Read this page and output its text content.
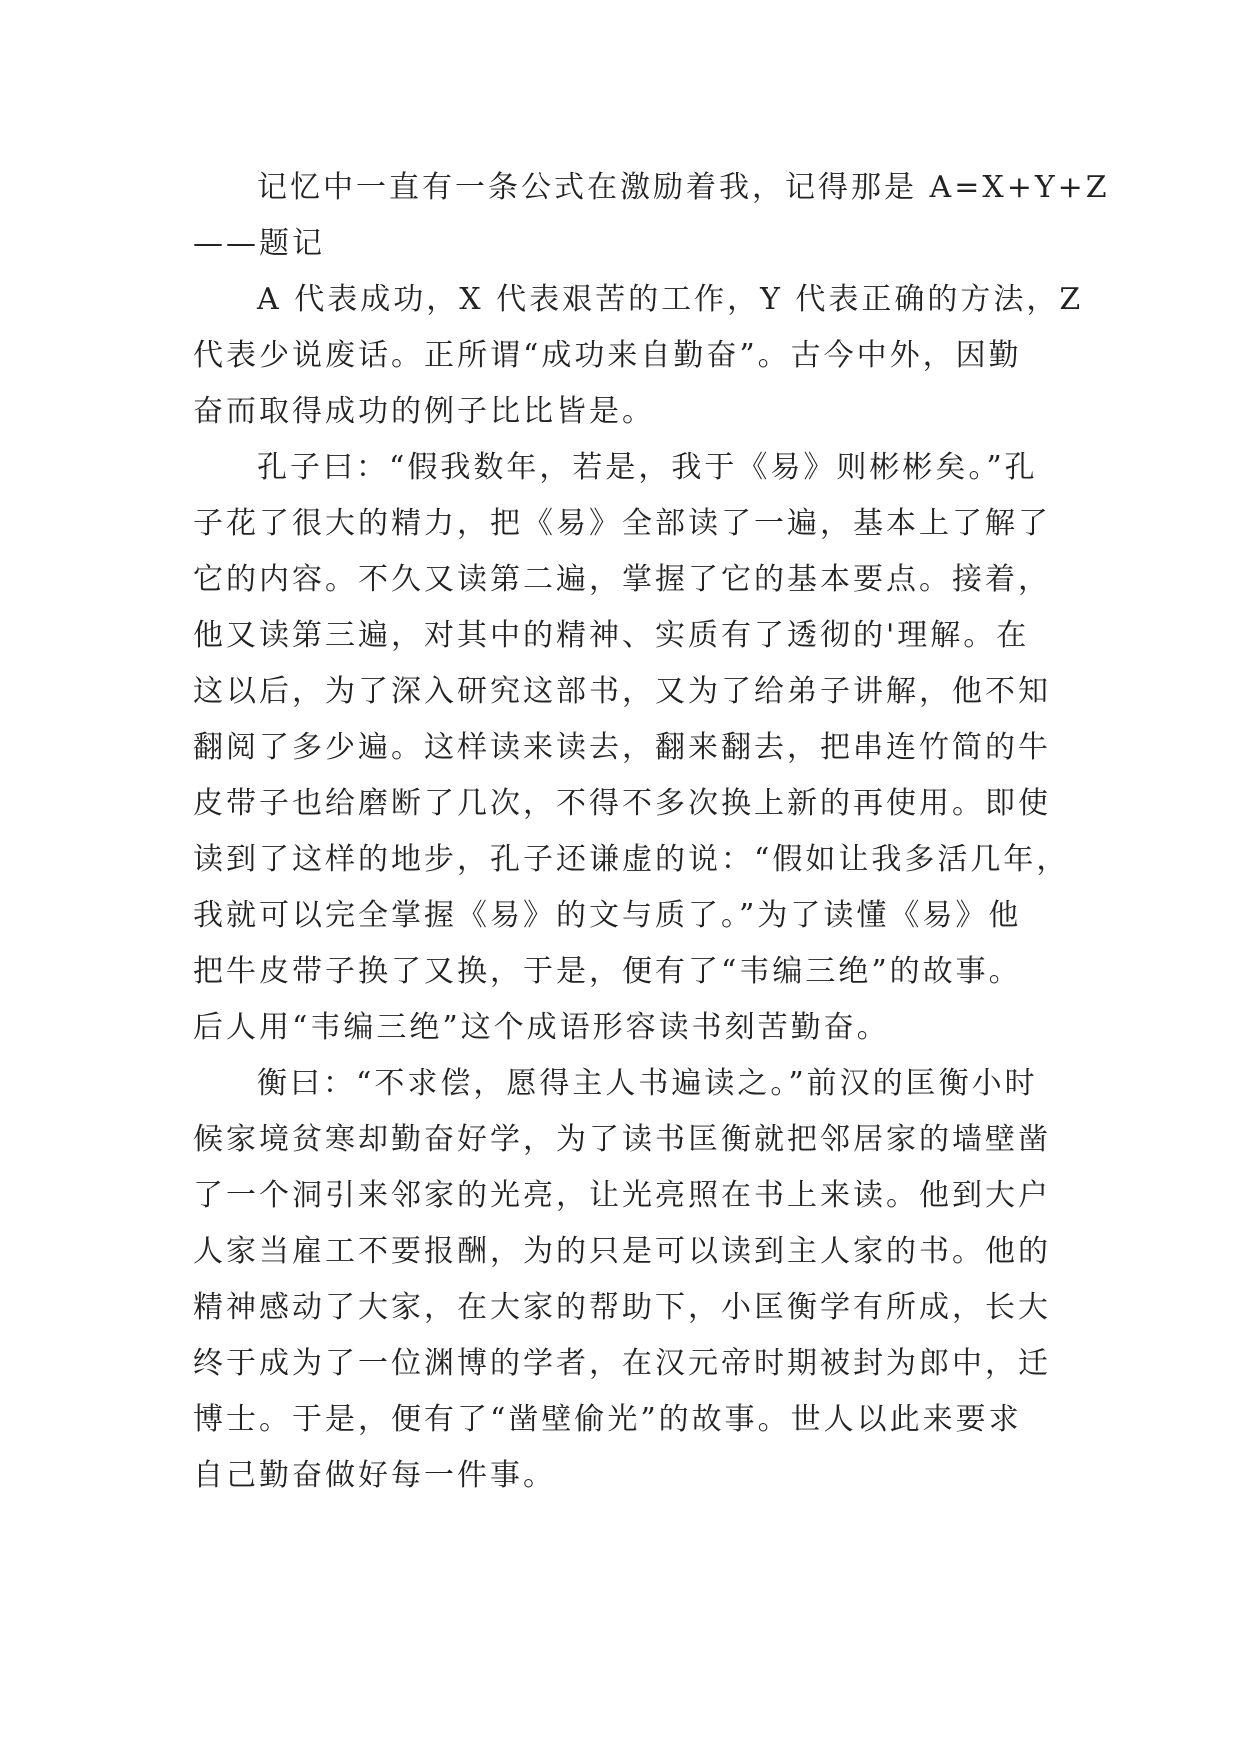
记忆中一直有一条公式在激励着我，记得那是 A=X+Y+Z
——题记
A 代表成功，X 代表艰苦的工作，Y 代表正确的方法，Z
代表少说废话。正所谓“成功来自勤奋”。古今中外，因勤
奋而取得成功的例子比比皆是。
孔子曰：“假我数年，若是，我于《易》则彬彬矣。”孔
子花了很大的精力，把《易》全部读了一遍，基本上了解了
它的内容。不久又读第二遍，掌握了它的基本要点。接着，
他又读第三遍，对其中的精神、实质有了透彻的'理解。在
这以后，为了深入研究这部书，又为了给弟子讲解，他不知
翻阅了多少遍。这样读来读去，翻来翻去，把串连竹简的牛
皮带子也给磨断了几次，不得不多次换上新的再使用。即使
读到了这样的地步，孔子还谦虚的说：“假如让我多活几年，
我就可以完全掌握《易》的文与质了。”为了读懂《易》他
把牛皮带子换了又换，于是，便有了“韦编三绝”的故事。
后人用“韦编三绝”这个成语形容读书刻苦勤奋。
衡曰：“不求偿，愿得主人书遍读之。”前汉的匡衡小时
候家境贫寒却勤奋好学，为了读书匡衡就把邻居家的墙壁凿
了一个洞引来邻家的光亮，让光亮照在书上来读。他到大户
人家当雇工不要报酬，为的只是可以读到主人家的书。他的
精神感动了大家，在大家的帮助下，小匡衡学有所成，长大
终于成为了一位渊博的学者，在汉元帝时期被封为郎中，迁
博士。于是，便有了“凿壁偷光”的故事。世人以此来要求
自己勤奋做好每一件事。
